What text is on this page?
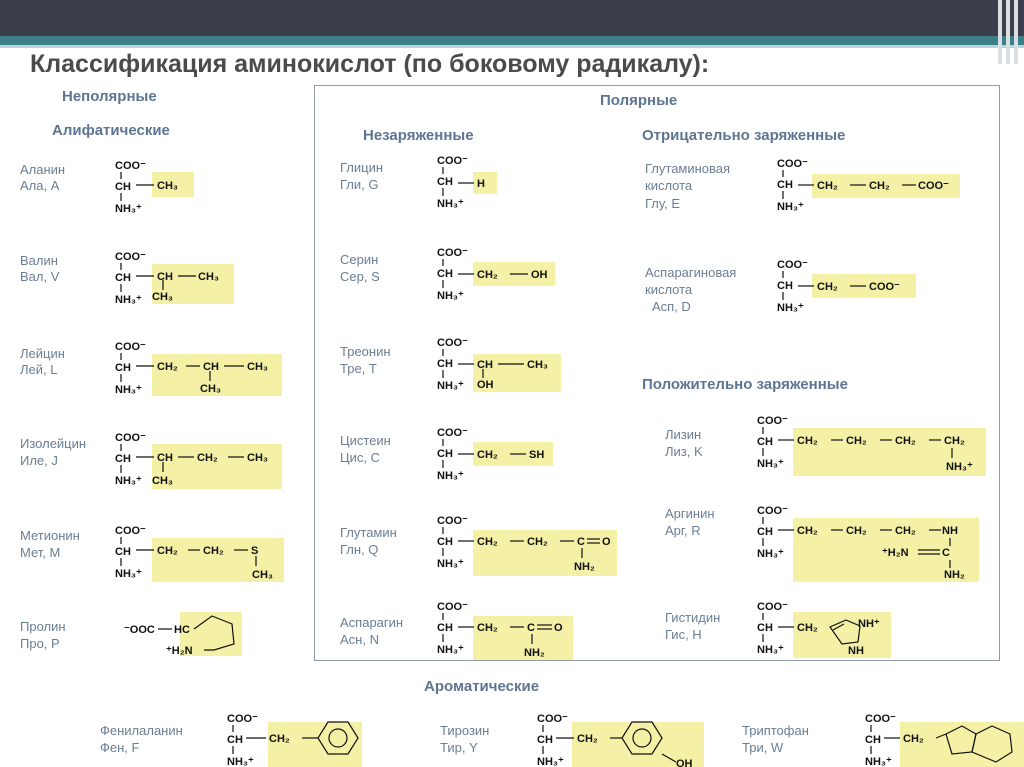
Классификация аминокислот (по боковому радикалу):
Неполярные
Алифатические
Полярные
Незаряженные	Отрицательно заряженные
Положительно заряженные
Ароматические
Аланин
Ала, A
Валин
Вал, V
Лейцин
Лей, L
Изолейцин
Иле, J
Метионин
Мет, M
Пролин
Про, P
Глицин
Гли, G
Серин
Сер, S
Треонин
Тре, T
Цистеин
Цис, C
Глутамин
Глн, Q
Аспарагин
Асн, N
Глутаминовая
кислота
Глу, E
Аспарагиновая
кислота
Асп, D
Лизин
Лиз, K
Аргинин
Арг, R
Гистидин
Гис, H
Фенилаланин
Фен, F
Тирозин
Тир, Y
Триптофан
Три, W
COO⁻
CH
NH₃⁺
COO⁻
CH
NH₃⁺
COO⁻
CH
NH₃⁺
COO⁻
CH
NH₃⁺
COO⁻
CH
NH₃⁺
COO⁻
CH
NH₃⁺
COO⁻
CH
NH₃⁺
COO⁻
CH
NH₃⁺
COO⁻
CH
NH₃⁺
COO⁻
CH
NH₃⁺
COO⁻
CH
NH₃⁺
COO⁻
CH
NH₃⁺
COO⁻
CH
NH₃⁺
COO⁻
CH
NH₃⁺
COO⁻
CH
NH₃⁺
COO⁻
CH
NH₃⁺
COO⁻
CH
NH₃⁺
COO⁻
CH
NH₃⁺
COO⁻
CH
NH₃⁺
CH₃
CH CH₃
CH₃
CH₂ CH	CH₃
CH₃
CH CH₂	CH₃
CH₃
CH₂ CH₂ S
CH₃
⁻OOC HC
⁺H₂N
H
CH₂	OH
CH	CH₃
OH
CH₂	SH
CH₂	CH₂	C O
NH₂
CH₂	C O
NH₂
CH₂	CH₂	COO⁻
CH₂	COO⁻
CH₂	CH₂	CH₂	CH₂
NH₃⁺
CH₂	CH₂	CH₂ NH
⁺H₂N	C
NH₂
CH₂	NH⁺
NH
CH₂	CH₂
OH
CH₂
